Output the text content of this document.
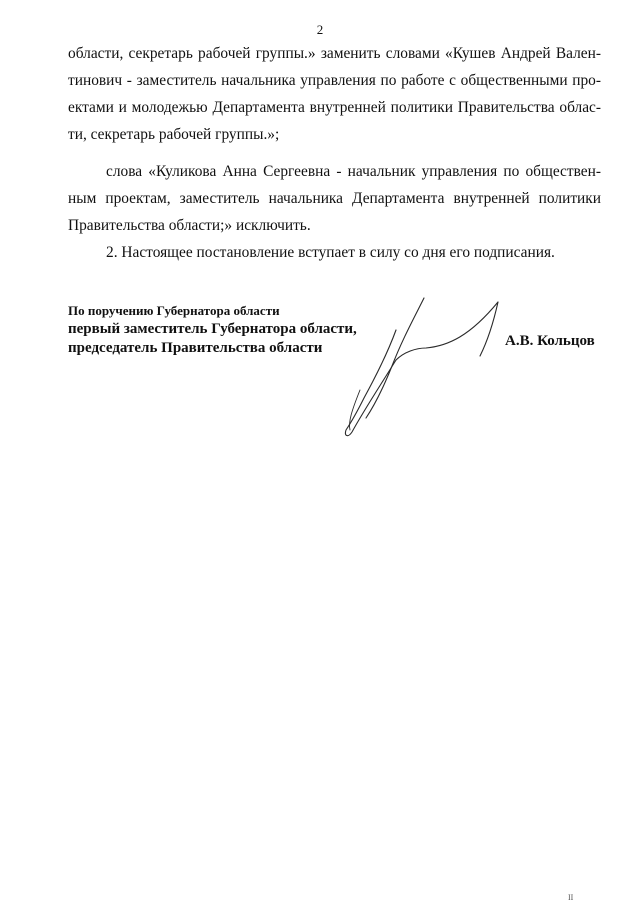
2
области, секретарь рабочей группы.» заменить словами «Кушев Андрей Вален-
тинович - заместитель начальника управления по работе с общественными про-
ектами и молодежью Департамента внутренней политики Правительства облас-
ти, секретарь рабочей группы.»;
слова «Куликова Анна Сергеевна - начальник управления по обществен-
ным проектам, заместитель начальника Департамента внутренней политики
Правительства области;» исключить.
2. Настоящее постановление вступает в силу со дня его подписания.
По поручению Губернатора области
первый заместитель Губернатора области,
председатель Правительства области	А.В. Кольцов
II
